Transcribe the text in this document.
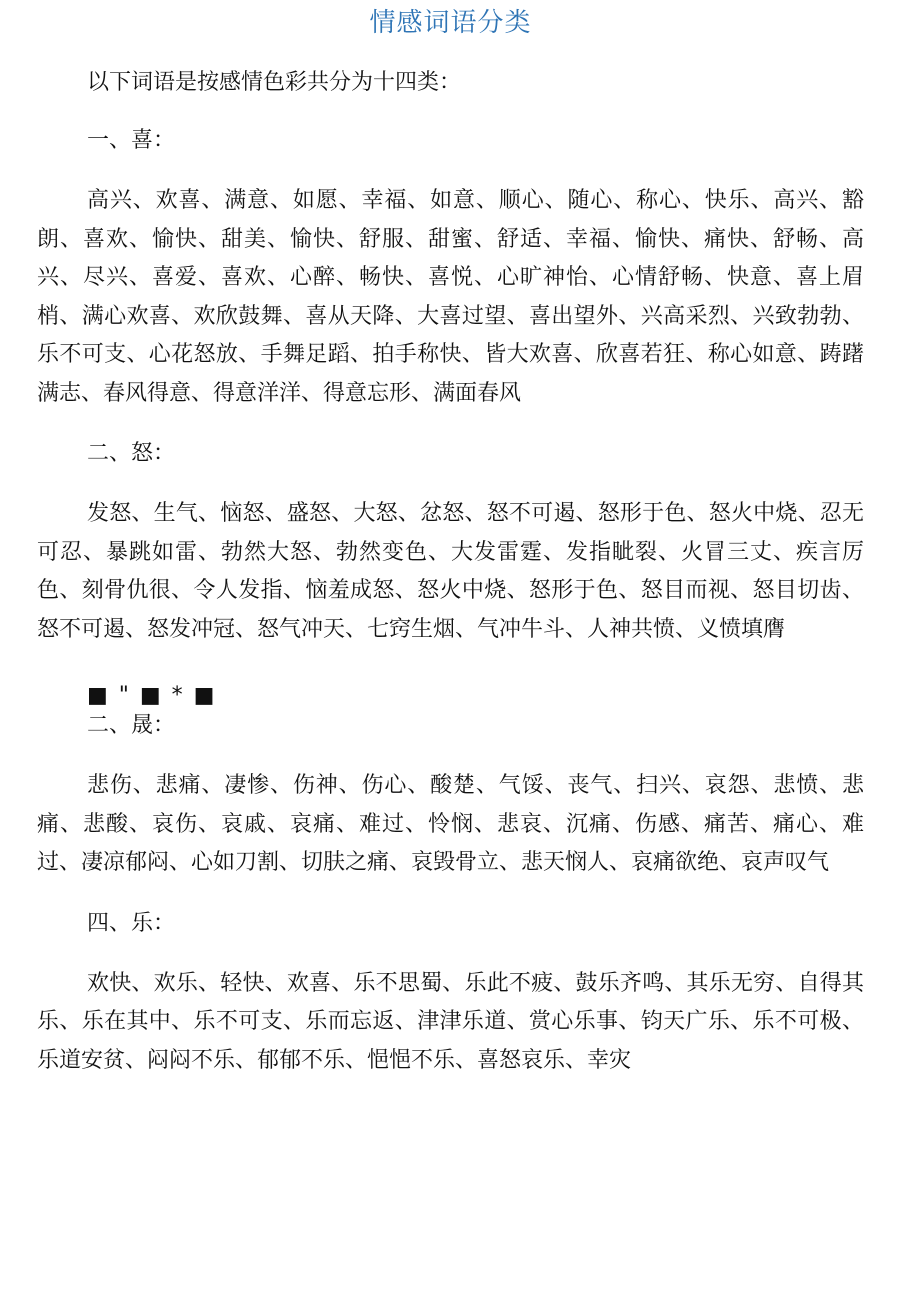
情感词语分类

以下词语是按感情色彩共分为十四类：

一、喜：

高兴、欢喜、满意、如愿、幸福、如意、顺心、随心、称心、快乐、高兴、豁朗、喜欢、愉快、甜美、愉快、舒服、甜蜜、舒适、幸福、愉快、痛快、舒畅、高兴、尽兴、喜爱、喜欢、心醉、畅快、喜悦、心旷神怡、心情舒畅、快意、喜上眉梢、满心欢喜、欢欣鼓舞、喜从天降、大喜过望、喜出望外、兴高采烈、兴致勃勃、乐不可支、心花怒放、手舞足蹈、拍手称快、皆大欢喜、欣喜若狂、称心如意、踌躇满志、春风得意、得意洋洋、得意忘形、满面春风

二、怒：

发怒、生气、恼怒、盛怒、大怒、忿怒、怒不可遏、怒形于色、怒火中烧、忍无可忍、暴跳如雷、勃然大怒、勃然变色、大发雷霆、发指眦裂、火冒三丈、疾言厉色、刻骨仇很、令人发指、恼羞成怒、怒火中烧、怒形于色、怒目而视、怒目切齿、怒不可遏、怒发冲冠、怒气冲天、七窍生烟、气冲牛斗、人神共愤、义愤填膺

■ " ■ * ■
二、晟：

悲伤、悲痛、凄惨、伤神、伤心、酸楚、气馁、丧气、扫兴、哀怨、悲愤、悲痛、悲酸、哀伤、哀戚、哀痛、难过、怜悯、悲哀、沉痛、伤感、痛苦、痛心、难过、凄凉郁闷、心如刀割、切肤之痛、哀毁骨立、悲天悯人、哀痛欲绝、哀声叹气

四、乐：

欢快、欢乐、轻快、欢喜、乐不思蜀、乐此不疲、鼓乐齐鸣、其乐无穷、自得其乐、乐在其中、乐不可支、乐而忘返、津津乐道、赏心乐事、钧天广乐、乐不可极、乐道安贫、闷闷不乐、郁郁不乐、悒悒不乐、喜怒哀乐、幸灾
